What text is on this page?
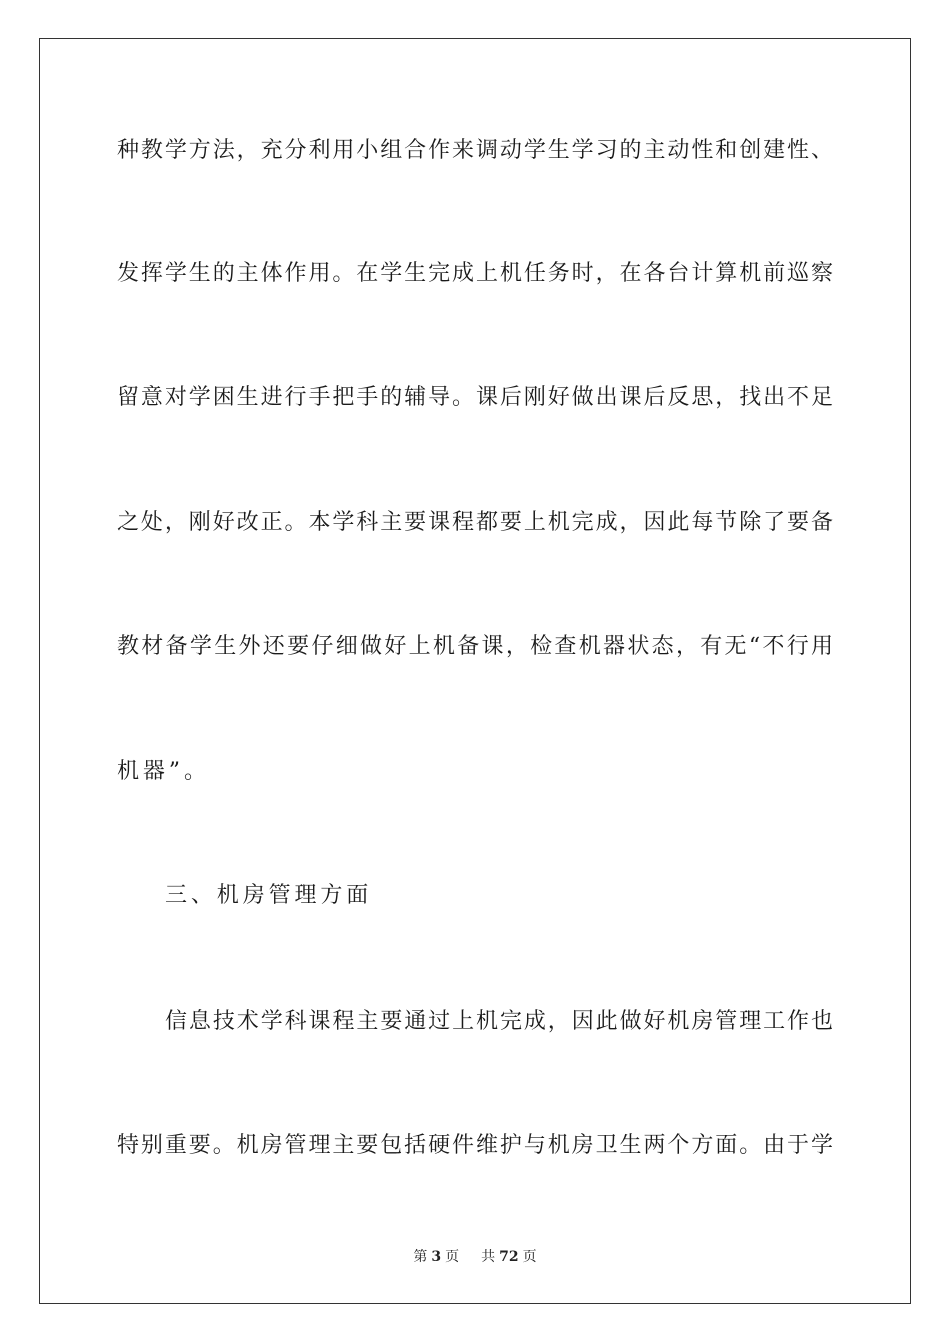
种教学方法，充分利用小组合作来调动学生学习的主动性和创建性、
发挥学生的主体作用。在学生完成上机任务时，在各台计算机前巡察
留意对学困生进行手把手的辅导。课后刚好做出课后反思，找出不足
之处，刚好改正。本学科主要课程都要上机完成，因此每节除了要备
教材备学生外还要仔细做好上机备课，检查机器状态，有无“不行用
机器”。
三、机房管理方面
信息技术学科课程主要通过上机完成，因此做好机房管理工作也
特别重要。机房管理主要包括硬件维护与机房卫生两个方面。由于学
第 3 页 共 72 页
